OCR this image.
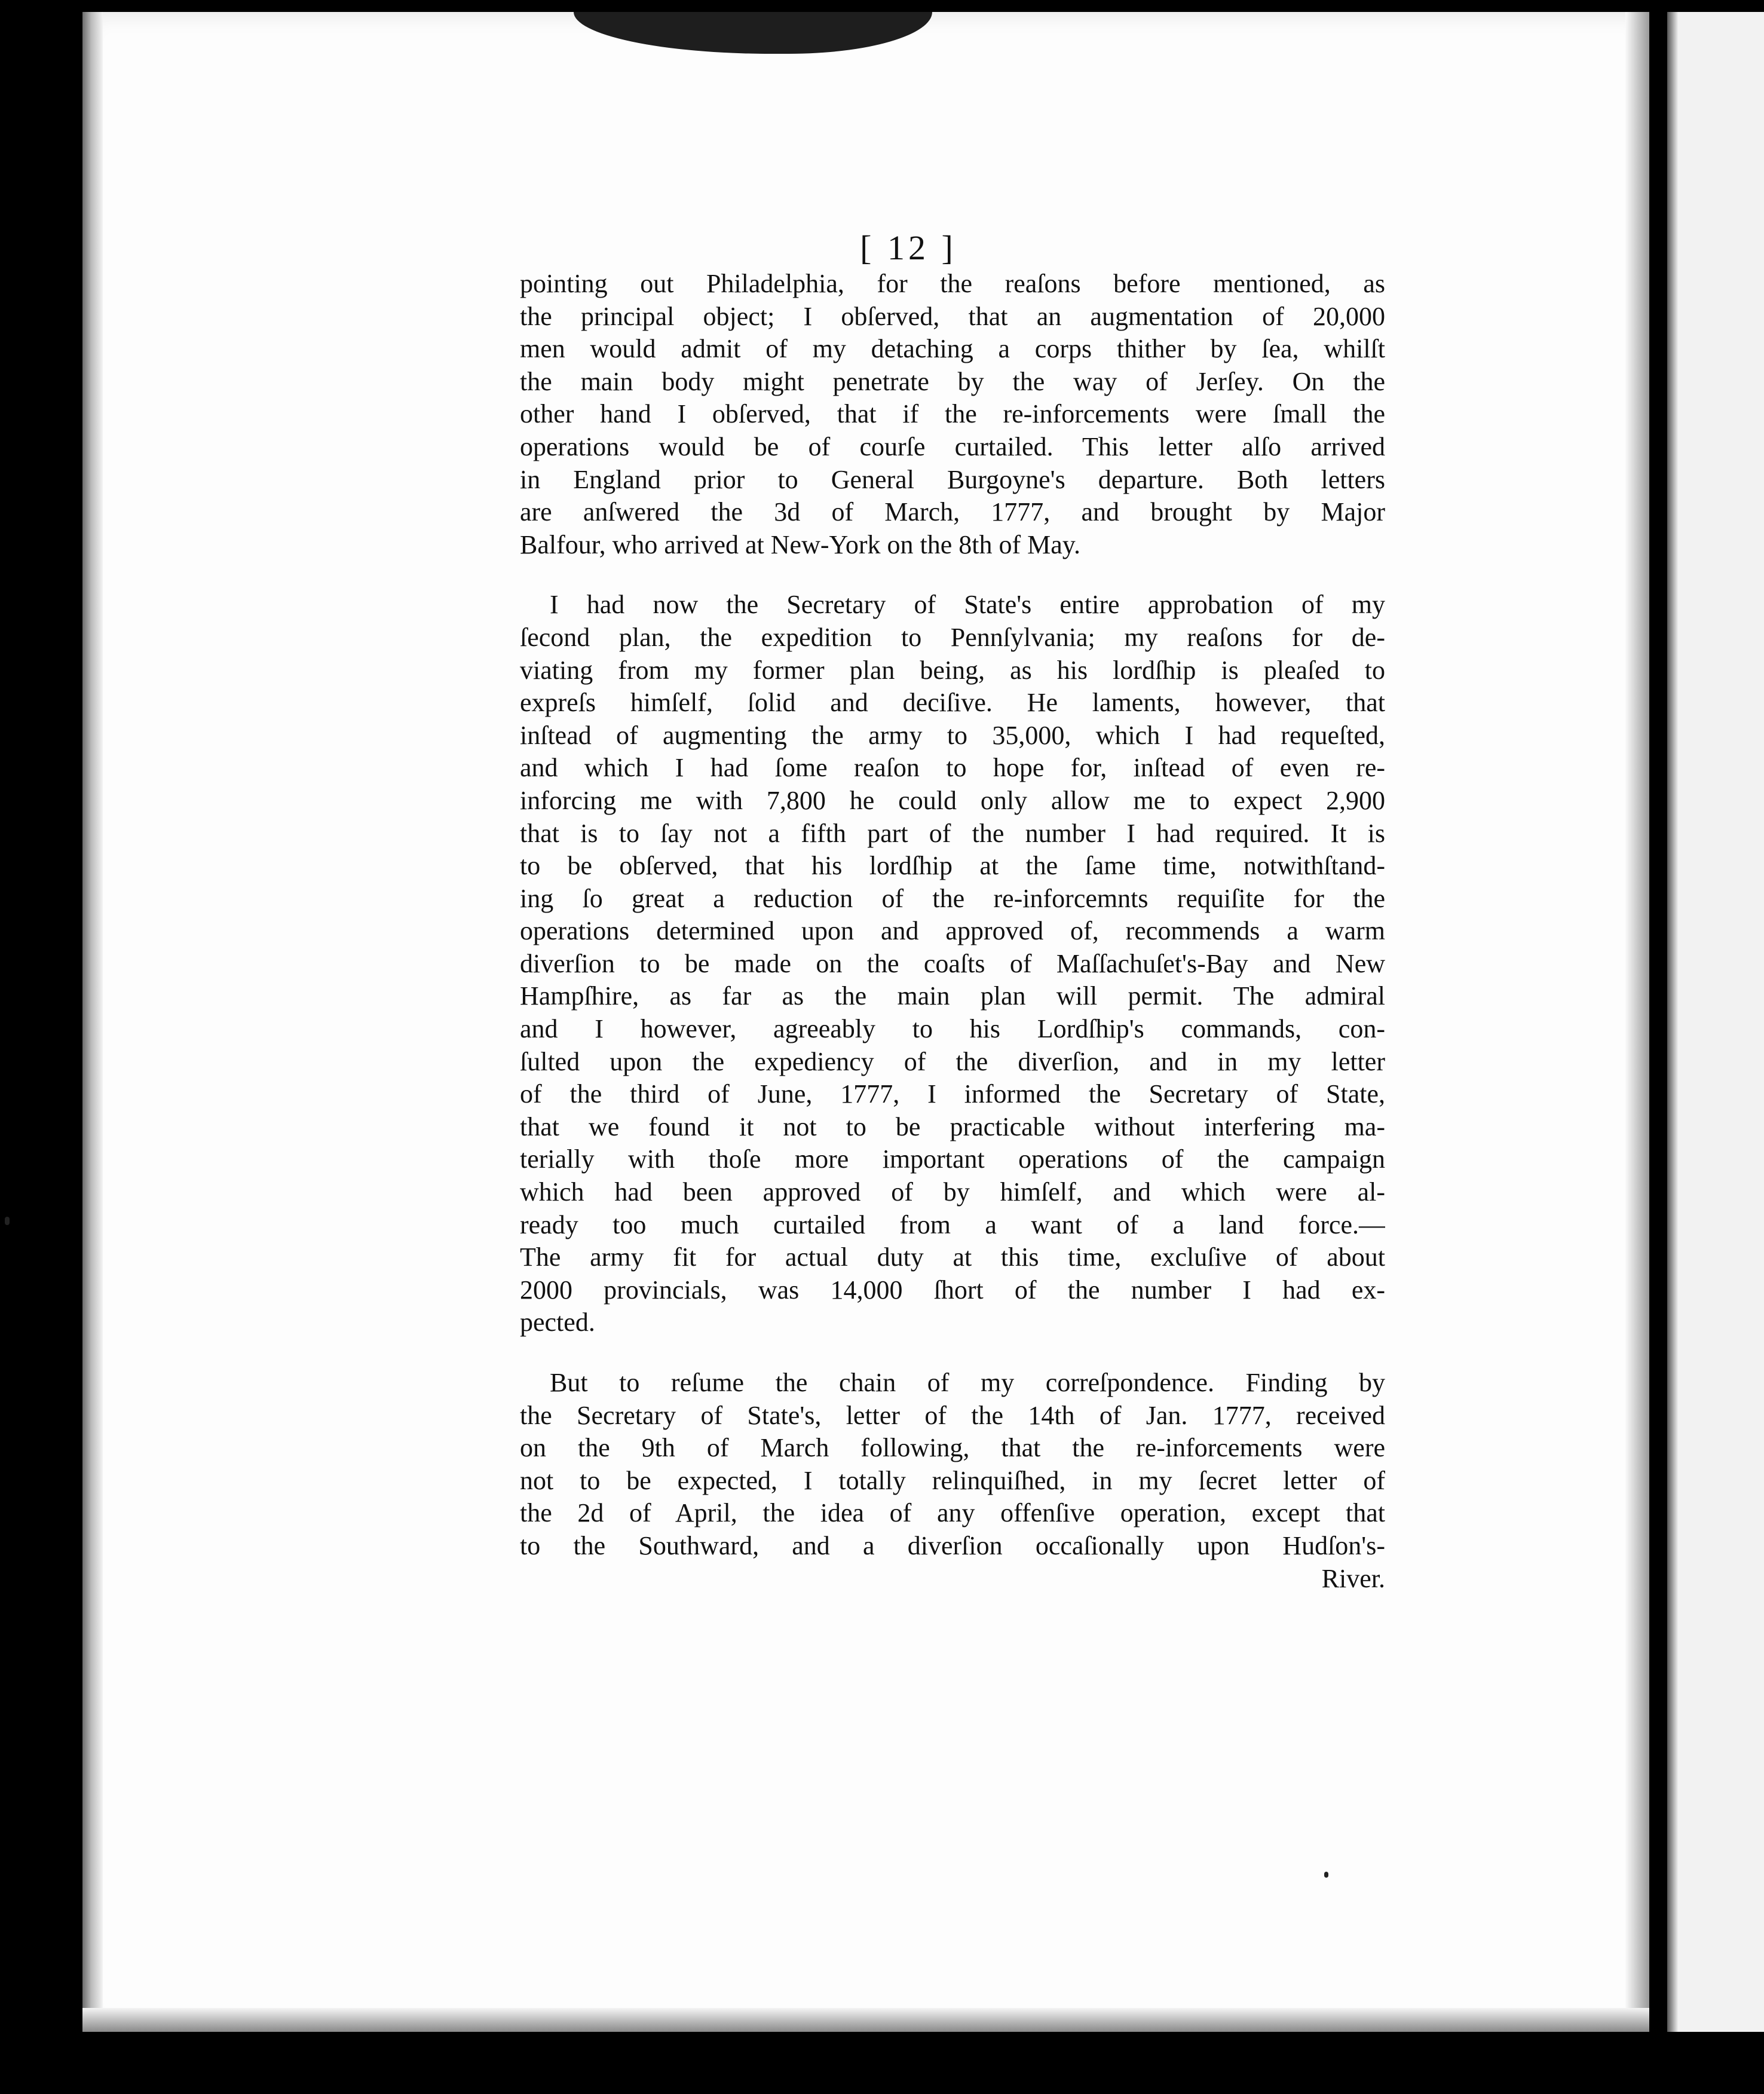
[ 12 ]
pointing out Philadelphia, for the reaſons before mentioned, as
the principal object; I obſerved, that an augmentation of 20,000
men would admit of my detaching a corps thither by ſea, whilſt
the main body might penetrate by the way of Jerſey. On the
other hand I obſerved, that if the re-inforcements were ſmall the
operations would be of courſe curtailed. This letter alſo arrived
in England prior to General Burgoyne's departure. Both letters
are anſwered the 3d of March, 1777, and brought by Major
Balfour, who arrived at New-York on the 8th of May.
I had now the Secretary of State's entire approbation of my
ſecond plan, the expedition to Pennſylvania; my reaſons for de-
viating from my former plan being, as his lordſhip is pleaſed to
expreſs himſelf, ſolid and deciſive. He laments, however, that
inſtead of augmenting the army to 35,000, which I had requeſted,
and which I had ſome reaſon to hope for, inſtead of even re-
inforcing me with 7,800 he could only allow me to expect 2,900
that is to ſay not a fifth part of the number I had required. It is
to be obſerved, that his lordſhip at the ſame time, notwithſtand-
ing ſo great a reduction of the re-inforcemnts requiſite for the
operations determined upon and approved of, recommends a warm
diverſion to be made on the coaſts of Maſſachuſet's-Bay and New
Hampſhire, as far as the main plan will permit. The admiral
and I however, agreeably to his Lordſhip's commands, con-
ſulted upon the expediency of the diverſion, and in my letter
of the third of June, 1777, I informed the Secretary of State,
that we found it not to be practicable without interfering ma-
terially with thoſe more important operations of the campaign
which had been approved of by himſelf, and which were al-
ready too much curtailed from a want of a land force.—
The army fit for actual duty at this time, excluſive of about
2000 provincials, was 14,000 ſhort of the number I had ex-
pected.
But to reſume the chain of my correſpondence. Finding by
the Secretary of State's, letter of the 14th of Jan. 1777, received
on the 9th of March following, that the re-inforcements were
not to be expected, I totally relinquiſhed, in my ſecret letter of
the 2d of April, the idea of any offenſive operation, except that
to the Southward, and a diverſion occaſionally upon Hudſon's-
River.
